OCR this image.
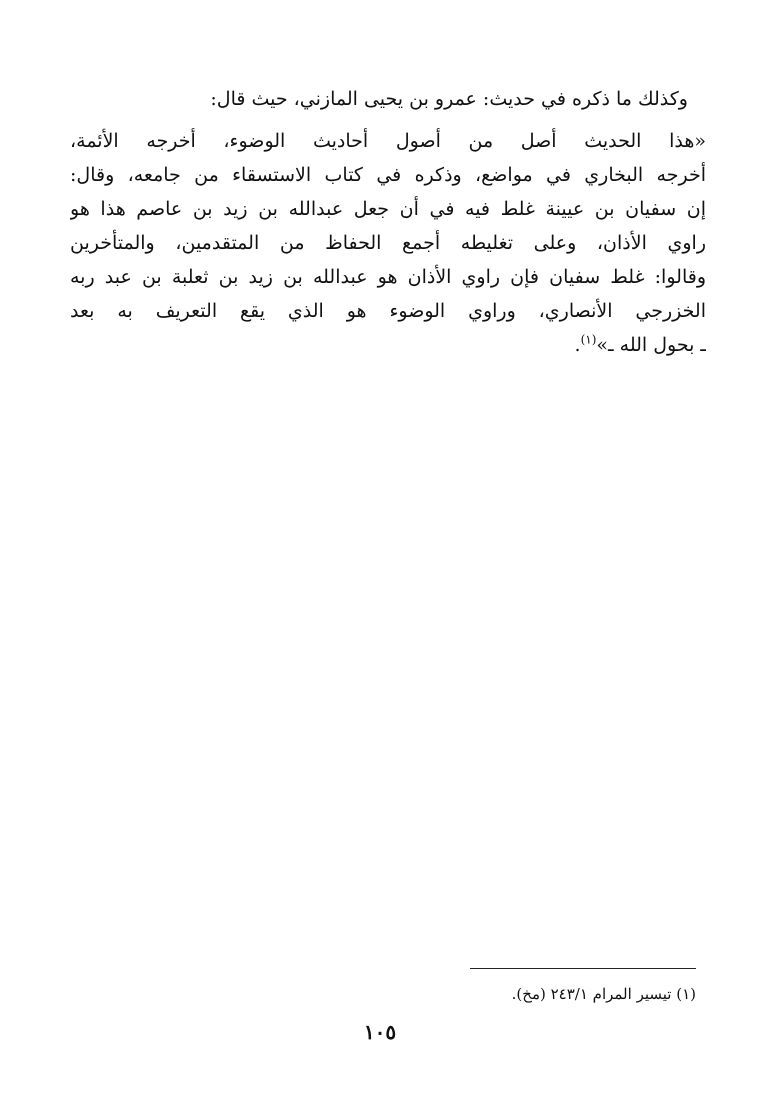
وكذلك ما ذكره في حديث: عمرو بن يحيى المازني، حيث قال:
«هذا الحديث أصل من أصول أحاديث الوضوء، أخرجه الأئمة،
أخرجه البخاري في مواضع، وذكره في كتاب الاستسقاء من جامعه، وقال:
إن سفيان بن عيينة غلط فيه في أن جعل عبدالله بن زيد بن عاصم هذا هو
راوي الأذان، وعلى تغليطه أجمع الحفاظ من المتقدمين، والمتأخرين
وقالوا: غلط سفيان فإن راوي الأذان هو عبدالله بن زيد بن ثعلبة بن عبد ربه
الخزرجي الأنصاري، وراوي الوضوء هو الذي يقع التعريف به بعد
ـ بحول الله ـ»$^{(١)}$.
(١) تيسير المرام ٢٤٣/١ (مخ).
١٠٥
